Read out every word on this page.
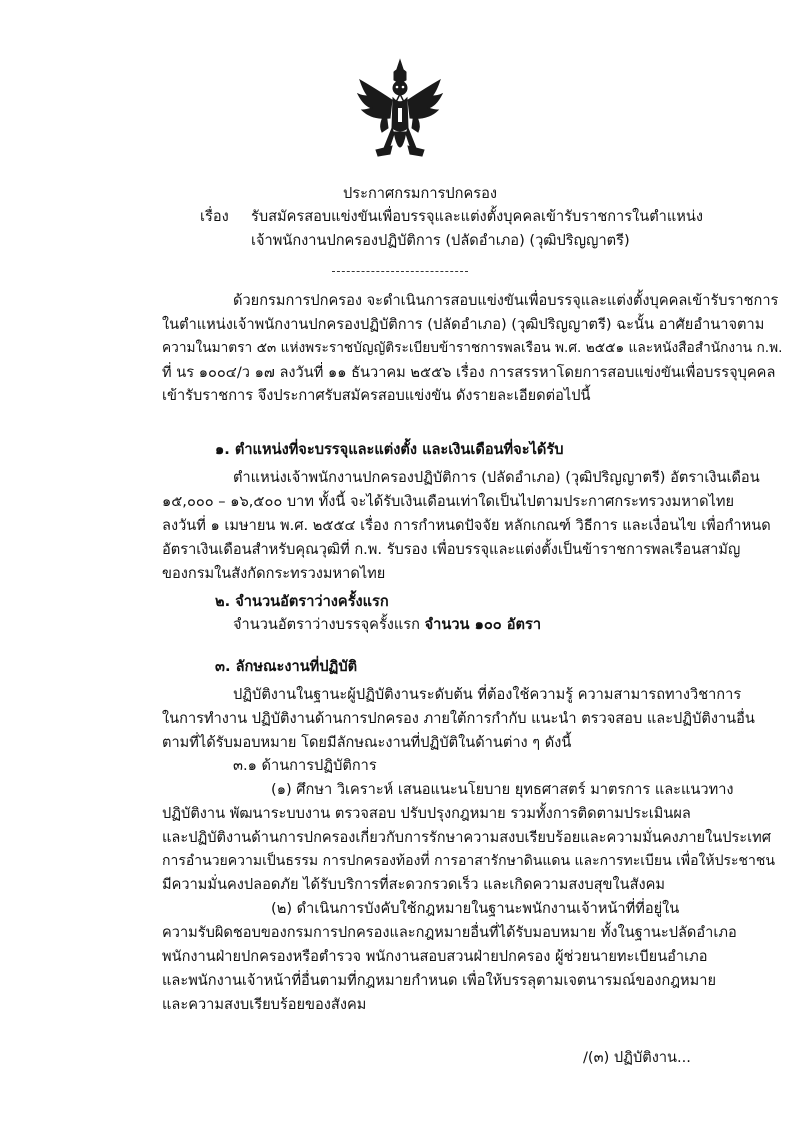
ประกาศกรมการปกครอง

เรื่อง รับสมัครสอบแข่งขันเพื่อบรรจุและแต่งตั้งบุคคลเข้ารับราชการในตำแหน่ง

เจ้าพนักงานปกครองปฏิบัติการ (ปลัดอำเภอ) (วุฒิปริญญาตรี)

ด้วยกรมการปกครอง จะดำเนินการสอบแข่งขันเพื่อบรรจุและแต่งตั้งบุคคลเข้ารับราชการ

ในตำแหน่งเจ้าพนักงานปกครองปฏิบัติการ (ปลัดอำเภอ) (วุฒิปริญญาตรี) ฉะนั้น อาศัยอำนาจตาม

ความในมาตรา ๕๓ แห่งพระราชบัญญัติระเบียบข้าราชการพลเรือน พ.ศ. ๒๕๕๑ และหนังสือสำนักงาน ก.พ.

ที่ นร ๑๐๐๔/ว ๑๗ ลงวันที่ ๑๑ ธันวาคม ๒๕๕๖ เรื่อง การสรรหาโดยการสอบแข่งขันเพื่อบรรจุบุคคล

เข้ารับราชการ จึงประกาศรับสมัครสอบแข่งขัน ดังรายละเอียดต่อไปนี้

๑. ตำแหน่งที่จะบรรจุและแต่งตั้ง และเงินเดือนที่จะได้รับ

ตำแหน่งเจ้าพนักงานปกครองปฏิบัติการ (ปลัดอำเภอ) (วุฒิปริญญาตรี) อัตราเงินเดือน

๑๕,๐๐๐ – ๑๖,๕๐๐ บาท ทั้งนี้ จะได้รับเงินเดือนเท่าใดเป็นไปตามประกาศกระทรวงมหาดไทย

ลงวันที่ ๑ เมษายน พ.ศ. ๒๕๕๔ เรื่อง การกำหนดปัจจัย หลักเกณฑ์ วิธีการ และเงื่อนไข เพื่อกำหนด

อัตราเงินเดือนสำหรับคุณวุฒิที่ ก.พ. รับรอง เพื่อบรรจุและแต่งตั้งเป็นข้าราชการพลเรือนสามัญ

ของกรมในสังกัดกระทรวงมหาดไทย

๒. จำนวนอัตราว่างครั้งแรก

จำนวนอัตราว่างบรรจุครั้งแรก จำนวน ๑๐๐ อัตรา

๓. ลักษณะงานที่ปฏิบัติ

ปฏิบัติงานในฐานะผู้ปฏิบัติงานระดับต้น ที่ต้องใช้ความรู้ ความสามารถทางวิชาการ

ในการทำงาน ปฏิบัติงานด้านการปกครอง ภายใต้การกำกับ แนะนำ ตรวจสอบ และปฏิบัติงานอื่น

ตามที่ได้รับมอบหมาย โดยมีลักษณะงานที่ปฏิบัติในด้านต่าง ๆ ดังนี้

๓.๑ ด้านการปฏิบัติการ

(๑) ศึกษา วิเคราะห์ เสนอแนะนโยบาย ยุทธศาสตร์ มาตรการ และแนวทาง

ปฏิบัติงาน พัฒนาระบบงาน ตรวจสอบ ปรับปรุงกฎหมาย รวมทั้งการติดตามประเมินผล

และปฏิบัติงานด้านการปกครองเกี่ยวกับการรักษาความสงบเรียบร้อยและความมั่นคงภายในประเทศ

การอำนวยความเป็นธรรม การปกครองท้องที่ การอาสารักษาดินแดน และการทะเบียน เพื่อให้ประชาชน

มีความมั่นคงปลอดภัย ได้รับบริการที่สะดวกรวดเร็ว และเกิดความสงบสุขในสังคม

(๒) ดำเนินการบังคับใช้กฎหมายในฐานะพนักงานเจ้าหน้าที่ที่อยู่ใน

ความรับผิดชอบของกรมการปกครองและกฎหมายอื่นที่ได้รับมอบหมาย ทั้งในฐานะปลัดอำเภอ

พนักงานฝ่ายปกครองหรือตำรวจ พนักงานสอบสวนฝ่ายปกครอง ผู้ช่วยนายทะเบียนอำเภอ

และพนักงานเจ้าหน้าที่อื่นตามที่กฎหมายกำหนด เพื่อให้บรรลุตามเจตนารมณ์ของกฎหมาย

และความสงบเรียบร้อยของสังคม

/(๓) ปฏิบัติงาน...
